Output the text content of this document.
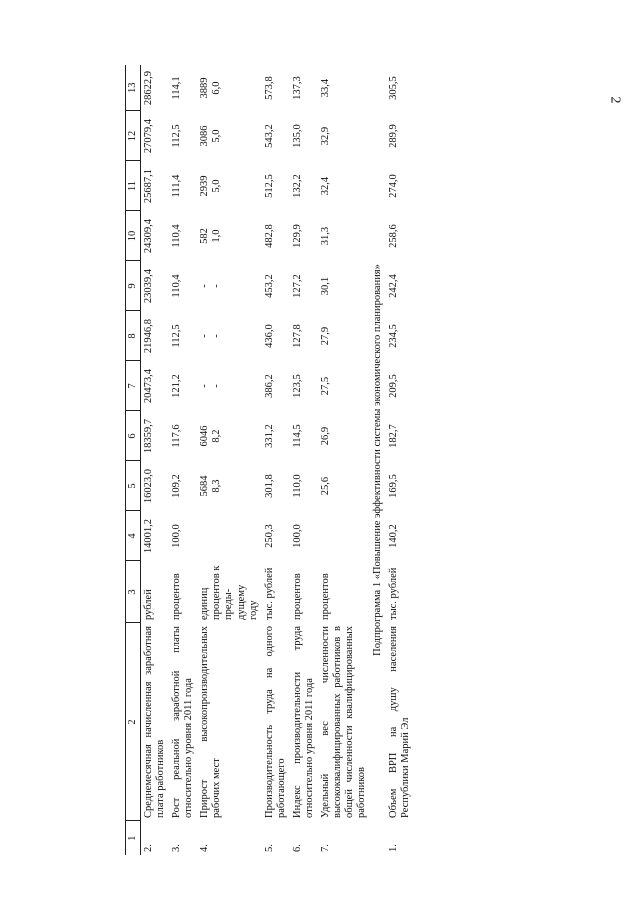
2
1	2	3	4	5	6	7	8	9	10	11	12	13
2.	Среднемесячная начисленная заработная плата работников	рублей	14001,2	16023,0	18359,7	20473,4	21946,8	23039,4	24309,4	25687,1	27079,4	28622,9
3.	Рост реальной заработной платы относительно уровня 2011 года	процентов	100,0	109,2	117,6	121,2	112,5	110,4	110,4	111,4	112,5	114,1
4.	Прирост высокопроизводительных рабочих мест	единиц процентов к преды-дущему году		5684 8,3	6046 8,2	- -	- -	- -	582 1,0	2939 5,0	3086 5,0	3889 6,0

5.	Производительность труда на одного работающего	тыс. рублей	250,3	301,8	331,2	386,2	436,0	453,2	482,8	512,5	543,2	573,8
6.	Индекс производительности труда относительно уровня 2011 года	процентов	100,0	110,0	114,5	123,5	127,8	127,2	129,9	132,2	135,0	137,3
7.	Удельный вес численности высококвалифицированных работников в общей численности квалифицированных работников	процентов		25,6	26,9	27,5	27,9	30,1	31,3	32,4	32,9	33,4
Подпрограмма 1 «Повышение эффективности системы экономического планирования»												
1.	Объем ВРП на душу населения Республики Марий Эл	тыс. рублей	140,2	169,5	182,7	209,5	234,5	242,4	258,6	274,0	289,9	305,5
